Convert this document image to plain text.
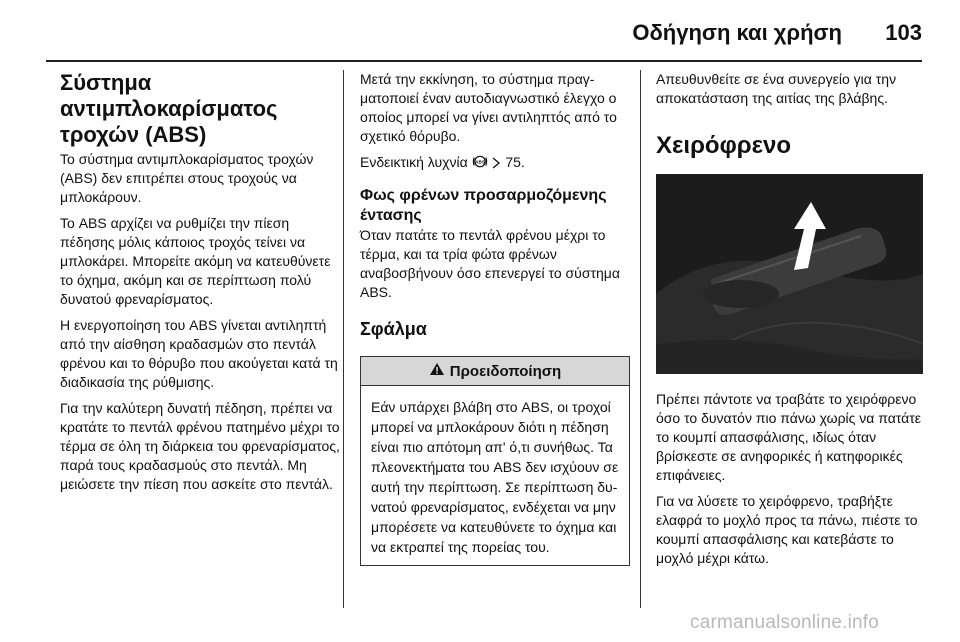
Οδήγηση και χρήση 103
Σύστημα αντιμπλοκαρίσματος τροχών (ABS)

Το σύστημα αντιμπλοκαρίσματος τροχών (ABS) δεν επιτρέπει στους τροχούς να μπλοκάρουν.

Το ABS αρχίζει να ρυθμίζει την πίεση πέδησης μόλις κάποιος τροχός τείνει να μπλοκάρει. Μπορείτε ακόμη να κατευθύνετε το όχημα, ακόμη και σε περίπτωση πολύ δυνατού φρεναρίσματος.

Η ενεργοποίηση του ABS γίνεται αντιληπτή από την αίσθηση κραδασμών στο πεντάλ φρένου και το θόρυβο που ακούγεται κατά τη διαδικασία της ρύθμισης.

Για την καλύτερη δυνατή πέδηση, πρέπει να κρατάτε το πεντάλ φρένου πατημένο μέχρι το τέρμα σε όλη τη διάρκεια του φρεναρίσματος, παρά τους κραδασμούς στο πεντάλ. Μη μειώσετε την πίεση που ασκείτε στο πεντάλ.

Μετά την εκκίνηση, το σύστημα πραγματοποιεί έναν αυτοδιαγνωστικό έλεγχο ο οποίος μπορεί να γίνει αντιληπτός από το σχετικό θόρυβο.

Ενδεικτική λυχνία ABS 75.

Φως φρένων προσαρμοζόμενης έντασης

Όταν πατάτε το πεντάλ φρένου μέχρι το τέρμα, και τα τρία φώτα φρένων αναβοσβήνουν όσο επενεργεί το σύστημα ABS.

Σφάλμα
Προειδοποίηση
Εάν υπάρχει βλάβη στο ABS, οι τροχοί μπορεί να μπλοκάρουν διότι η πέδηση είναι πιο απότομη απ' ό,τι συνήθως. Τα πλεονεκτήματα του ABS δεν ισχύουν σε αυτή την περίπτωση. Σε περίπτωση δυνατού φρεναρίσματος, ενδέχεται να μην μπορέσετε να κατευθύνετε το όχημα και να εκτραπεί της πορείας του.

Απευθυνθείτε σε ένα συνεργείο για την αποκατάσταση της αιτίας της βλάβης.

Χειρόφρενο

Πρέπει πάντοτε να τραβάτε το χειρόφρενο όσο το δυνατόν πιο πάνω χωρίς να πατάτε το κουμπί απασφάλισης, ιδίως όταν βρίσκεστε σε ανηφορικές ή κατηφορικές επιφάνειες.

Για να λύσετε το χειρόφρενο, τραβήξτε ελαφρά το μοχλό προς τα πάνω, πιέστε το κουμπί απασφάλισης και κατεβάστε το μοχλό μέχρι κάτω.

carmanualsonline.info
